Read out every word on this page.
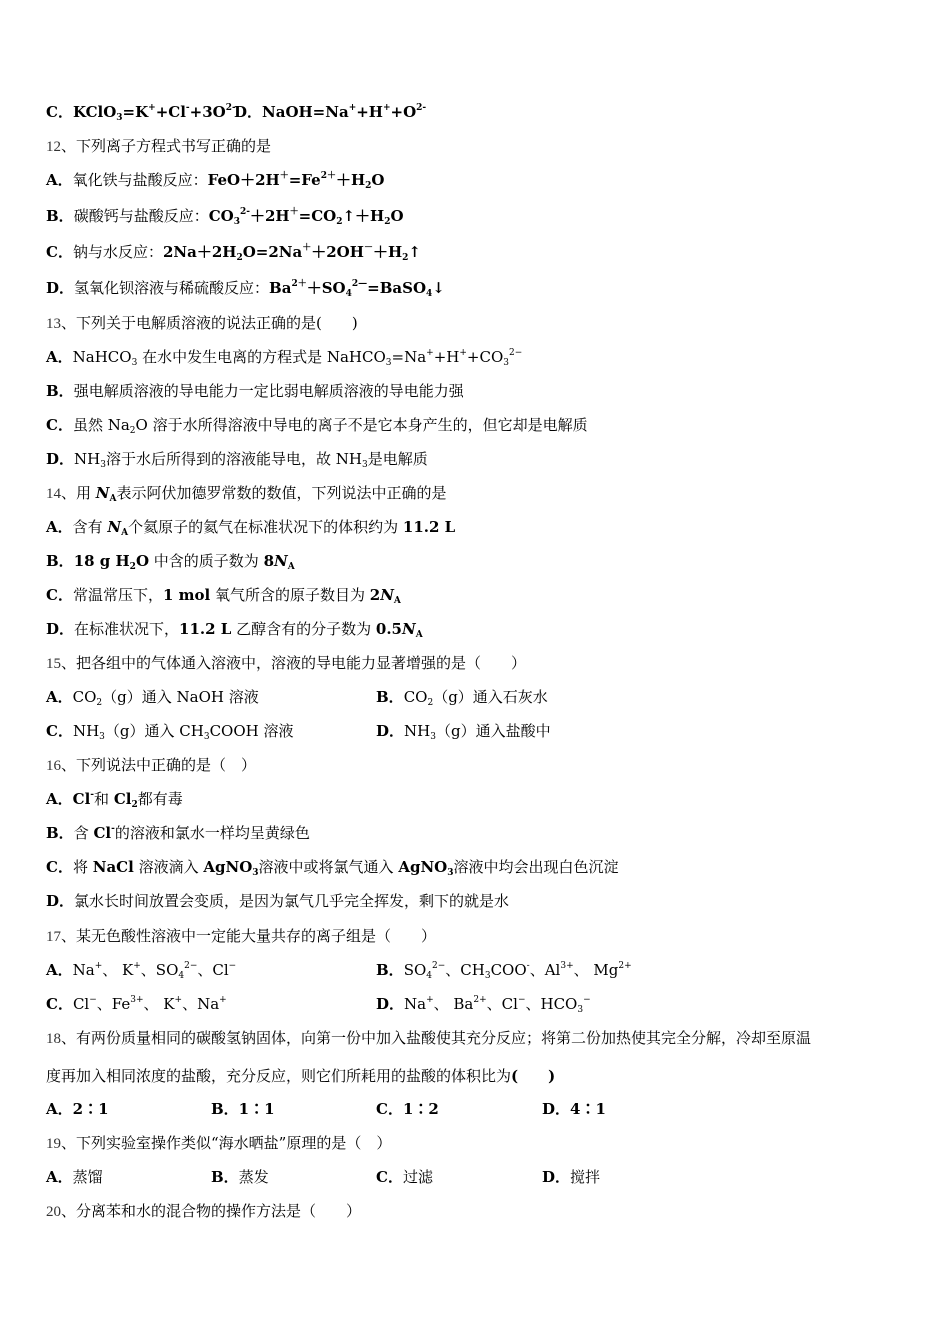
C．$KClO_3=K^++Cl^-+3O^{2-}$
D．$NaOH=Na^++H^++O^{2-}$
12、下列离子方程式书写正确的是
A．氧化铁与盐酸反应：$FeO+2H^+=Fe^{2+}+H_2O$
B．碳酸钙与盐酸反应：$CO_3^{2-}+2H^+=CO_2↑+H_2O$
C．钠与水反应：$2Na+2H_2O=2Na^++2OH^-+H_2↑$
D．氢氧化钡溶液与稀硫酸反应：$Ba^{2+}+SO_4^{2—}=BaSO_4↓$
13、下列关于电解质溶液的说法正确的是(　　)
A．NaHCO$_3$ 在水中发生电离的方程式是 $NaHCO_3=Na^++H^++CO_3^{2-}$
B．强电解质溶液的导电能力一定比弱电解质溶液的导电能力强
C．虽然 $Na_2O$ 溶于水所得溶液中导电的离子不是它本身产生的，但它却是电解质
D．$NH_3$溶于水后所得到的溶液能导电，故 $NH_3$是电解质
14、用 $N_A$表示阿伏加德罗常数的数值，下列说法中正确的是
A．含有 $N_A$个氦原子的氦气在标准状况下的体积约为 11.2 L
B．18 g $H_2O$ 中含的质子数为 $8N_A$
C．常温常压下，1 mol 氧气所含的原子数目为 $2N_A$
D．在标准状况下，11.2 L 乙醇含有的分子数为 $0.5N_A$
15、把各组中的气体通入溶液中，溶液的导电能力显著增强的是（　　）
A．$CO_2(g)$通入 NaOH 溶液	B．$CO_2(g)$通入石灰水
C．$NH_3(g)$通入 $CH_3COOH$ 溶液	D．$NH_3(g)$通入盐酸中
16、下列说法中正确的是（　）
A．Cl-和 $Cl_2$都有毒
B．含 Cl-的溶液和氯水一样均呈黄绿色
C．将 NaCl 溶液滴入 AgNO$_3$溶液中或将氯气通入 AgNO$_3$溶液中均会出现白色沉淀
D．氯水长时间放置会变质，是因为氯气几乎完全挥发，剩下的就是水
17、某无色酸性溶液中一定能大量共存的离子组是（　　）
A．Na+、 K+、$SO_4^{2-}$、Cl−	B．$SO_4^{2-}$、$CH_3COO^-$、$Al^{3+}$、 $Mg^{2+}$
C．Cl−、$Fe^{3+}$、 K+、Na+	D．Na+、 $Ba^{2+}$、Cl−、$HCO_3^-$
18、有两份质量相同的碳酸氢钠固体，向第一份中加入盐酸使其充分反应；将第二份加热使其完全分解，冷却至原温
度再加入相同浓度的盐酸，充分反应，则它们所耗用的盐酸的体积比为(　　)
A．2∶1	B．1∶1	C．1∶2	D．4∶1
19、下列实验室操作类似“海水晒盐”原理的是（　）
A．蒸馏	B．蒸发	C．过滤	D．搅拌
20、分离苯和水的混合物的操作方法是（　　）
